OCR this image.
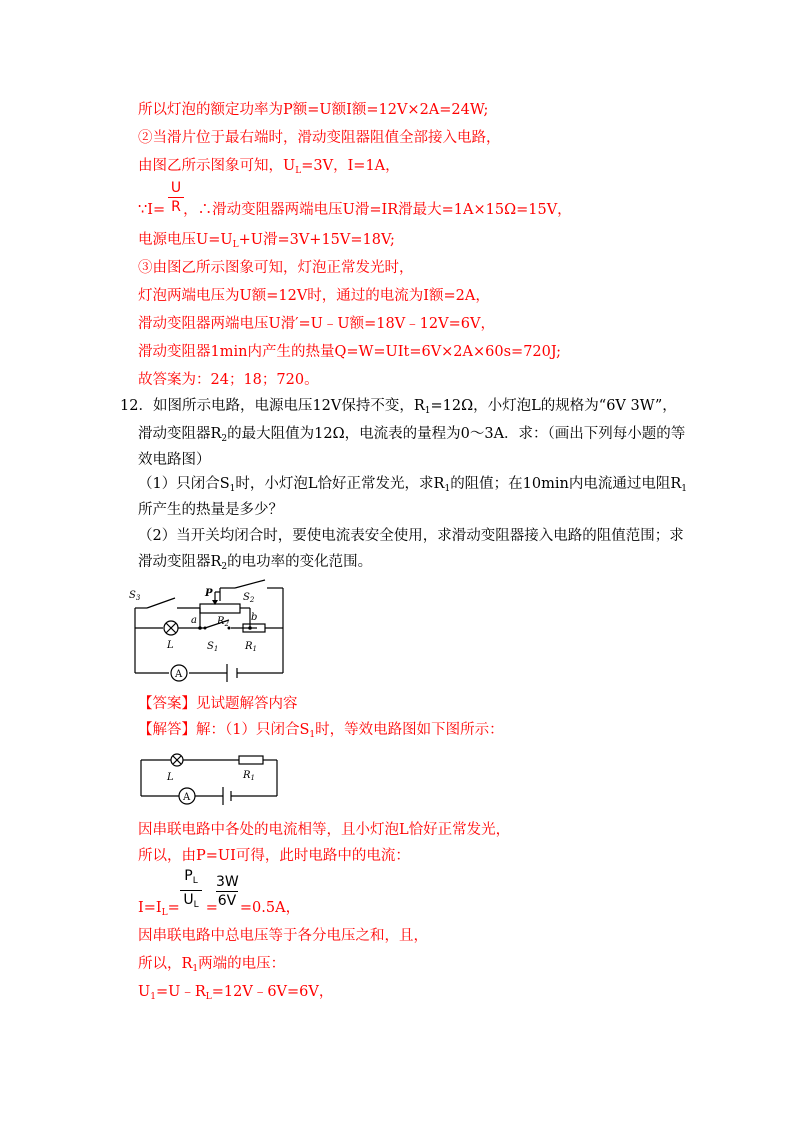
所以灯泡的额定功率为P额=U额I额=12V×2A=24W;
②当滑片位于最右端时，滑动变阻器阻值全部接入电路，
由图乙所示图象可知，$U_L=3V$，I=1A，
U
R
∵I= ，∴滑动变阻器两端电压U滑=IR滑最大=1A×15Ω=15V，
电源电压$U=U_L+U$滑=3V+15V=18V;
③由图乙所示图象可知，灯泡正常发光时，
灯泡两端电压为U额=12V时，通过的电流为I额=2A，
滑动变阻器两端电压U滑′=U﹣U额=18V﹣12V=6V，
滑动变阻器1min内产生的热量Q=W=UIt=6V×2A×60s=720J;
故答案为：24；18；720。
12．如图所示电路，电源电压12V保持不变，$R_1=12\Omega$，小灯泡L的规格为“6V 3W”，
滑动变阻器$R_2$的最大阻值为12Ω，电流表的量程为0～3A．求：（画出下列每小题的等
效电路图）
（1）只闭合$S_1$时，小灯泡L恰好正常发光，求$R_1$的阻值；在10min内电流通过电阻$R_1$
所产生的热量是多少？
（2）当开关均闭合时，要使电流表安全使用，求滑动变阻器接入电路的阻值范围；求
滑动变阻器$R_2$的电功率的变化范围。
$S_3$	P	$S_2$
a $R_2$
b
L	$S_1$	$R_1$
A
【答案】见试题解答内容
【解答】解：（1）只闭合$S_1$时，等效电路图如下图所示：
L	$R_1$
A
因串联电路中各处的电流相等，且小灯泡L恰好正常发光，
所以，由P=UI可得，此时电路中的电流：
$P_L$
$U_L$
3W
6V
$I=I_L= = =0.5A$，
因串联电路中总电压等于各分电压之和，且，
所以，$R_1$两端的电压：
$U_1=U﹣R_L=12V﹣6V=6V$，
